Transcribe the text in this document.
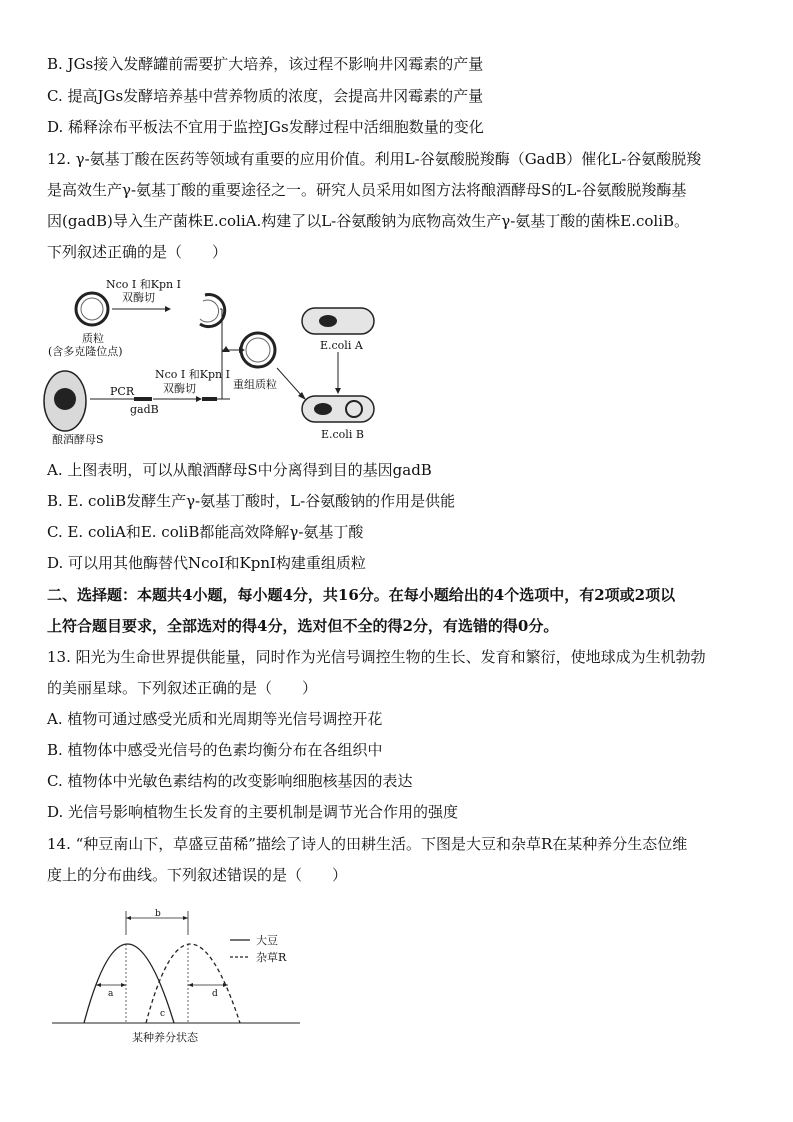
B. JGs接入发酵罐前需要扩大培养，该过程不影响井冈霉素的产量
C. 提高JGs发酵培养基中营养物质的浓度，会提高井冈霉素的产量
D. 稀释涂布平板法不宜用于监控JGs发酵过程中活细胞数量的变化
12. γ-氨基丁酸在医药等领域有重要的应用价值。利用L-谷氨酸脱羧酶（GadB）催化L-谷氨酸脱羧
是高效生产γ-氨基丁酸的重要途径之一。研究人员采用如图方法将酿酒酵母S的L-谷氨酸脱羧酶基
因(gadB)导入生产菌株E.coliA.构建了以L-谷氨酸钠为底物高效生产γ-氨基丁酸的菌株E.coliB。
下列叙述正确的是（　　）
质粒
(含多克隆位点)
Nco I 和Kpn I
双酶切
酿酒酵母S
PCR
gadB
Nco I 和Kpn I
双酶切	重组质粒
E.coli A
E.coli B
A. 上图表明，可以从酿酒酵母S中分离得到目的基因gadB
B. E. coliB发酵生产γ-氨基丁酸时，L-谷氨酸钠的作用是供能
C. E. coliA和E. coliB都能高效降解γ-氨基丁酸
D. 可以用其他酶替代NcoⅠ和KpnⅠ构建重组质粒
二、选择题：本题共4小题，每小题4分，共16分。在每小题给出的4个选项中，有2项或2项以
上符合题目要求，全部选对的得4分，选对但不全的得2分，有选错的得0分。
13. 阳光为生命世界提供能量，同时作为光信号调控生物的生长、发育和繁衍，使地球成为生机勃勃
的美丽星球。下列叙述正确的是（　　）
A. 植物可通过感受光质和光周期等光信号调控开花
B. 植物体中感受光信号的色素均衡分布在各组织中
C. 植物体中光敏色素结构的改变影响细胞核基因的表达
D. 光信号影响植物生长发育的主要机制是调节光合作用的强度
14. “种豆南山下，草盛豆苗稀”描绘了诗人的田耕生活。下图是大豆和杂草R在某种养分生态位维
度上的分布曲线。下列叙述错误的是（　　）
b
a
c
d
某种养分状态
大豆
杂草R
